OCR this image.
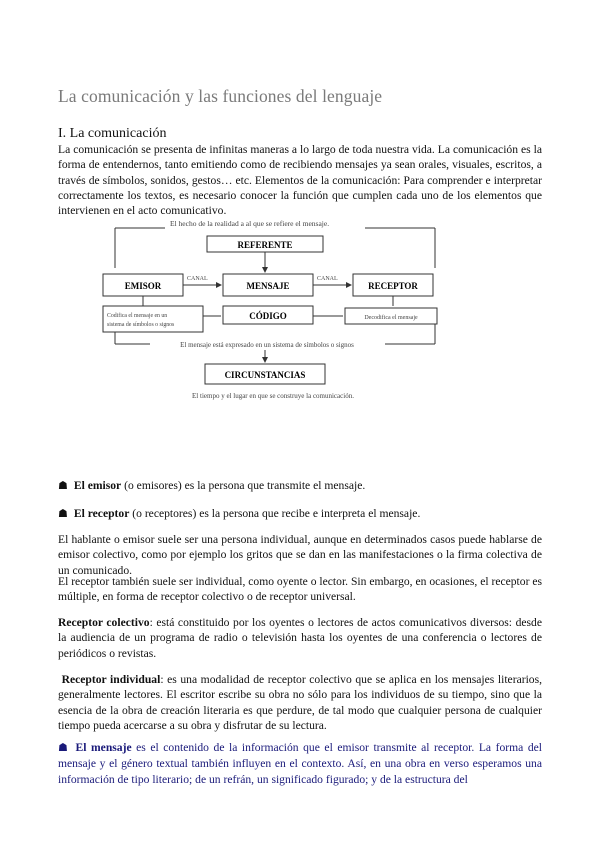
La comunicación y las funciones del lenguaje
I. La comunicación

La comunicación se presenta de infinitas maneras a lo largo de toda nuestra vida. La comunicación es la forma de entendernos, tanto emitiendo como de recibiendo mensajes ya sean orales, visuales, escritos, a través de símbolos, sonidos, gestos… etc. Elementos de la comunicación: Para comprender e interpretar correctamente los textos, es necesario conocer la función que cumplen cada uno de los elementos que intervienen en el acto comunicativo.

El hecho de la realidad a al que se refiere el mensaje.
REFERENTE
EMISOR	MENSAJE	RECEPTOR
CANAL	CANAL
CÓDIGO
Codifica el mensaje en un
sistema de símbolos o signos
Decodifica el mensaje
El mensaje está expresado en un sistema de símbolos o signos
CIRCUNSTANCIAS
El tiempo y el lugar en que se construye la comunicación.

☗ El emisor (o emisores) es la persona que transmite el mensaje.

☗ El receptor (o receptores) es la persona que recibe e interpreta el mensaje.

El hablante o emisor suele ser una persona individual, aunque en determinados casos puede hablarse de emisor colectivo, como por ejemplo los gritos que se dan en las manifestaciones o la firma colectiva de un comunicado.

El receptor también suele ser individual, como oyente o lector. Sin embargo, en ocasiones, el receptor es múltiple, en forma de receptor colectivo o de receptor universal.

Receptor colectivo: está constituido por los oyentes o lectores de actos comunicativos diversos: desde la audiencia de un programa de radio o televisión hasta los oyentes de una conferencia o lectores de periódicos o revistas.

Receptor individual: es una modalidad de receptor colectivo que se aplica en los mensajes literarios, generalmente lectores. El escritor escribe su obra no sólo para los individuos de su tiempo, sino que la esencia de la obra de creación literaria es que perdure, de tal modo que cualquier persona de cualquier tiempo pueda acercarse a su obra y disfrutar de su lectura.

☗ El mensaje es el contenido de la información que el emisor transmite al receptor. La forma del mensaje y el género textual también influyen en el contexto. Así, en una obra en verso esperamos una información de tipo literario; de un refrán, un significado figurado; y de la estructura del
